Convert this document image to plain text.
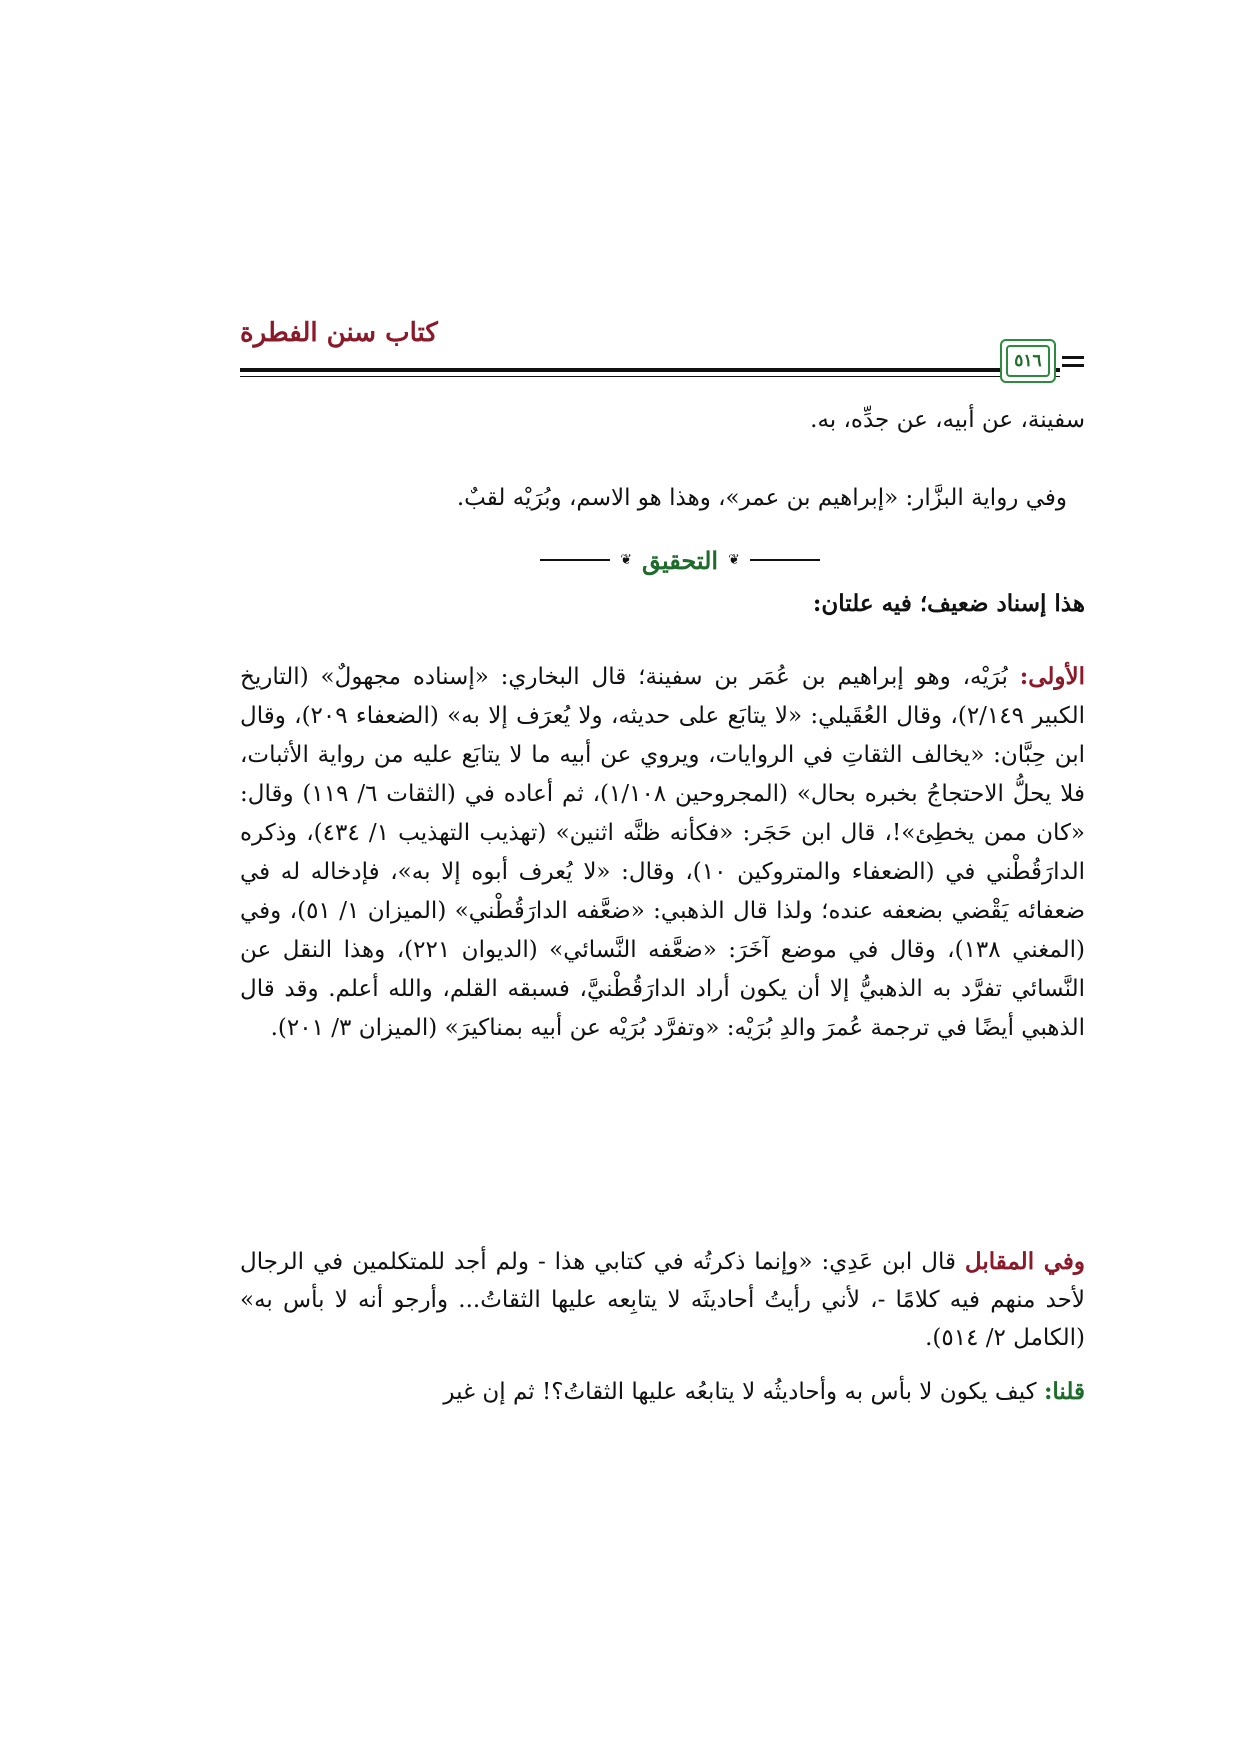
كتاب سنن الفطرة
٥١٦
سفينة، عن أبيه، عن جدِّه، به.
وفي رواية البزَّار: «إبراهيم بن عمر»، وهذا هو الاسم، وبُرَيْه لقبٌ.
❦ التحقيق ❦
هذا إسناد ضعيف؛ فيه علتان:
الأولى: بُرَيْه، وهو إبراهيم بن عُمَر بن سفينة؛ قال البخاري: «إسناده مجهولٌ» (التاريخ الكبير ٢/١٤٩)، وقال العُقَيلي: «لا يتابَع على حديثه، ولا يُعرَف إلا به» (الضعفاء ٢٠٩)، وقال ابن حِبَّان: «يخالف الثقاتِ في الروايات، ويروي عن أبيه ما لا يتابَع عليه من رواية الأثبات، فلا يحلُّ الاحتجاجُ بخبره بحال» (المجروحين ١/١٠٨)، ثم أعاده في (الثقات ٦/ ١١٩) وقال: «كان ممن يخطِئ»!، قال ابن حَجَر: «فكأنه ظنَّه اثنين» (تهذيب التهذيب ١/ ٤٣٤)، وذكره الدارَقُطْني في (الضعفاء والمتروكين ١٠)، وقال: «لا يُعرف أبوه إلا به»، فإدخاله له في ضعفائه يَقْضي بضعفه عنده؛ ولذا قال الذهبي: «ضعَّفه الدارَقُطْني» (الميزان ١/ ٥١)، وفي (المغني ١٣٨)، وقال في موضع آخَرَ: «ضعَّفه النَّسائي» (الديوان ٢٢١)، وهذا النقل عن النَّسائي تفرَّد به الذهبيُّ إلا أن يكون أراد الدارَقُطْنيَّ، فسبقه القلم، والله أعلم. وقد قال الذهبي أيضًا في ترجمة عُمرَ والدِ بُرَيْه: «وتفرَّد بُرَيْه عن أبيه بمناكيرَ» (الميزان ٣/ ٢٠١).
وفي المقابل قال ابن عَدِي: «وإنما ذكرتُه في كتابي هذا - ولم أجد للمتكلمين في الرجال لأحد منهم فيه كلامًا -، لأني رأيتُ أحاديثَه لا يتابِعه عليها الثقاتُ... وأرجو أنه لا بأس به» (الكامل ٢/ ٥١٤).
قلنا: كيف يكون لا بأس به وأحاديثُه لا يتابعُه عليها الثقاتُ؟! ثم إن غير
